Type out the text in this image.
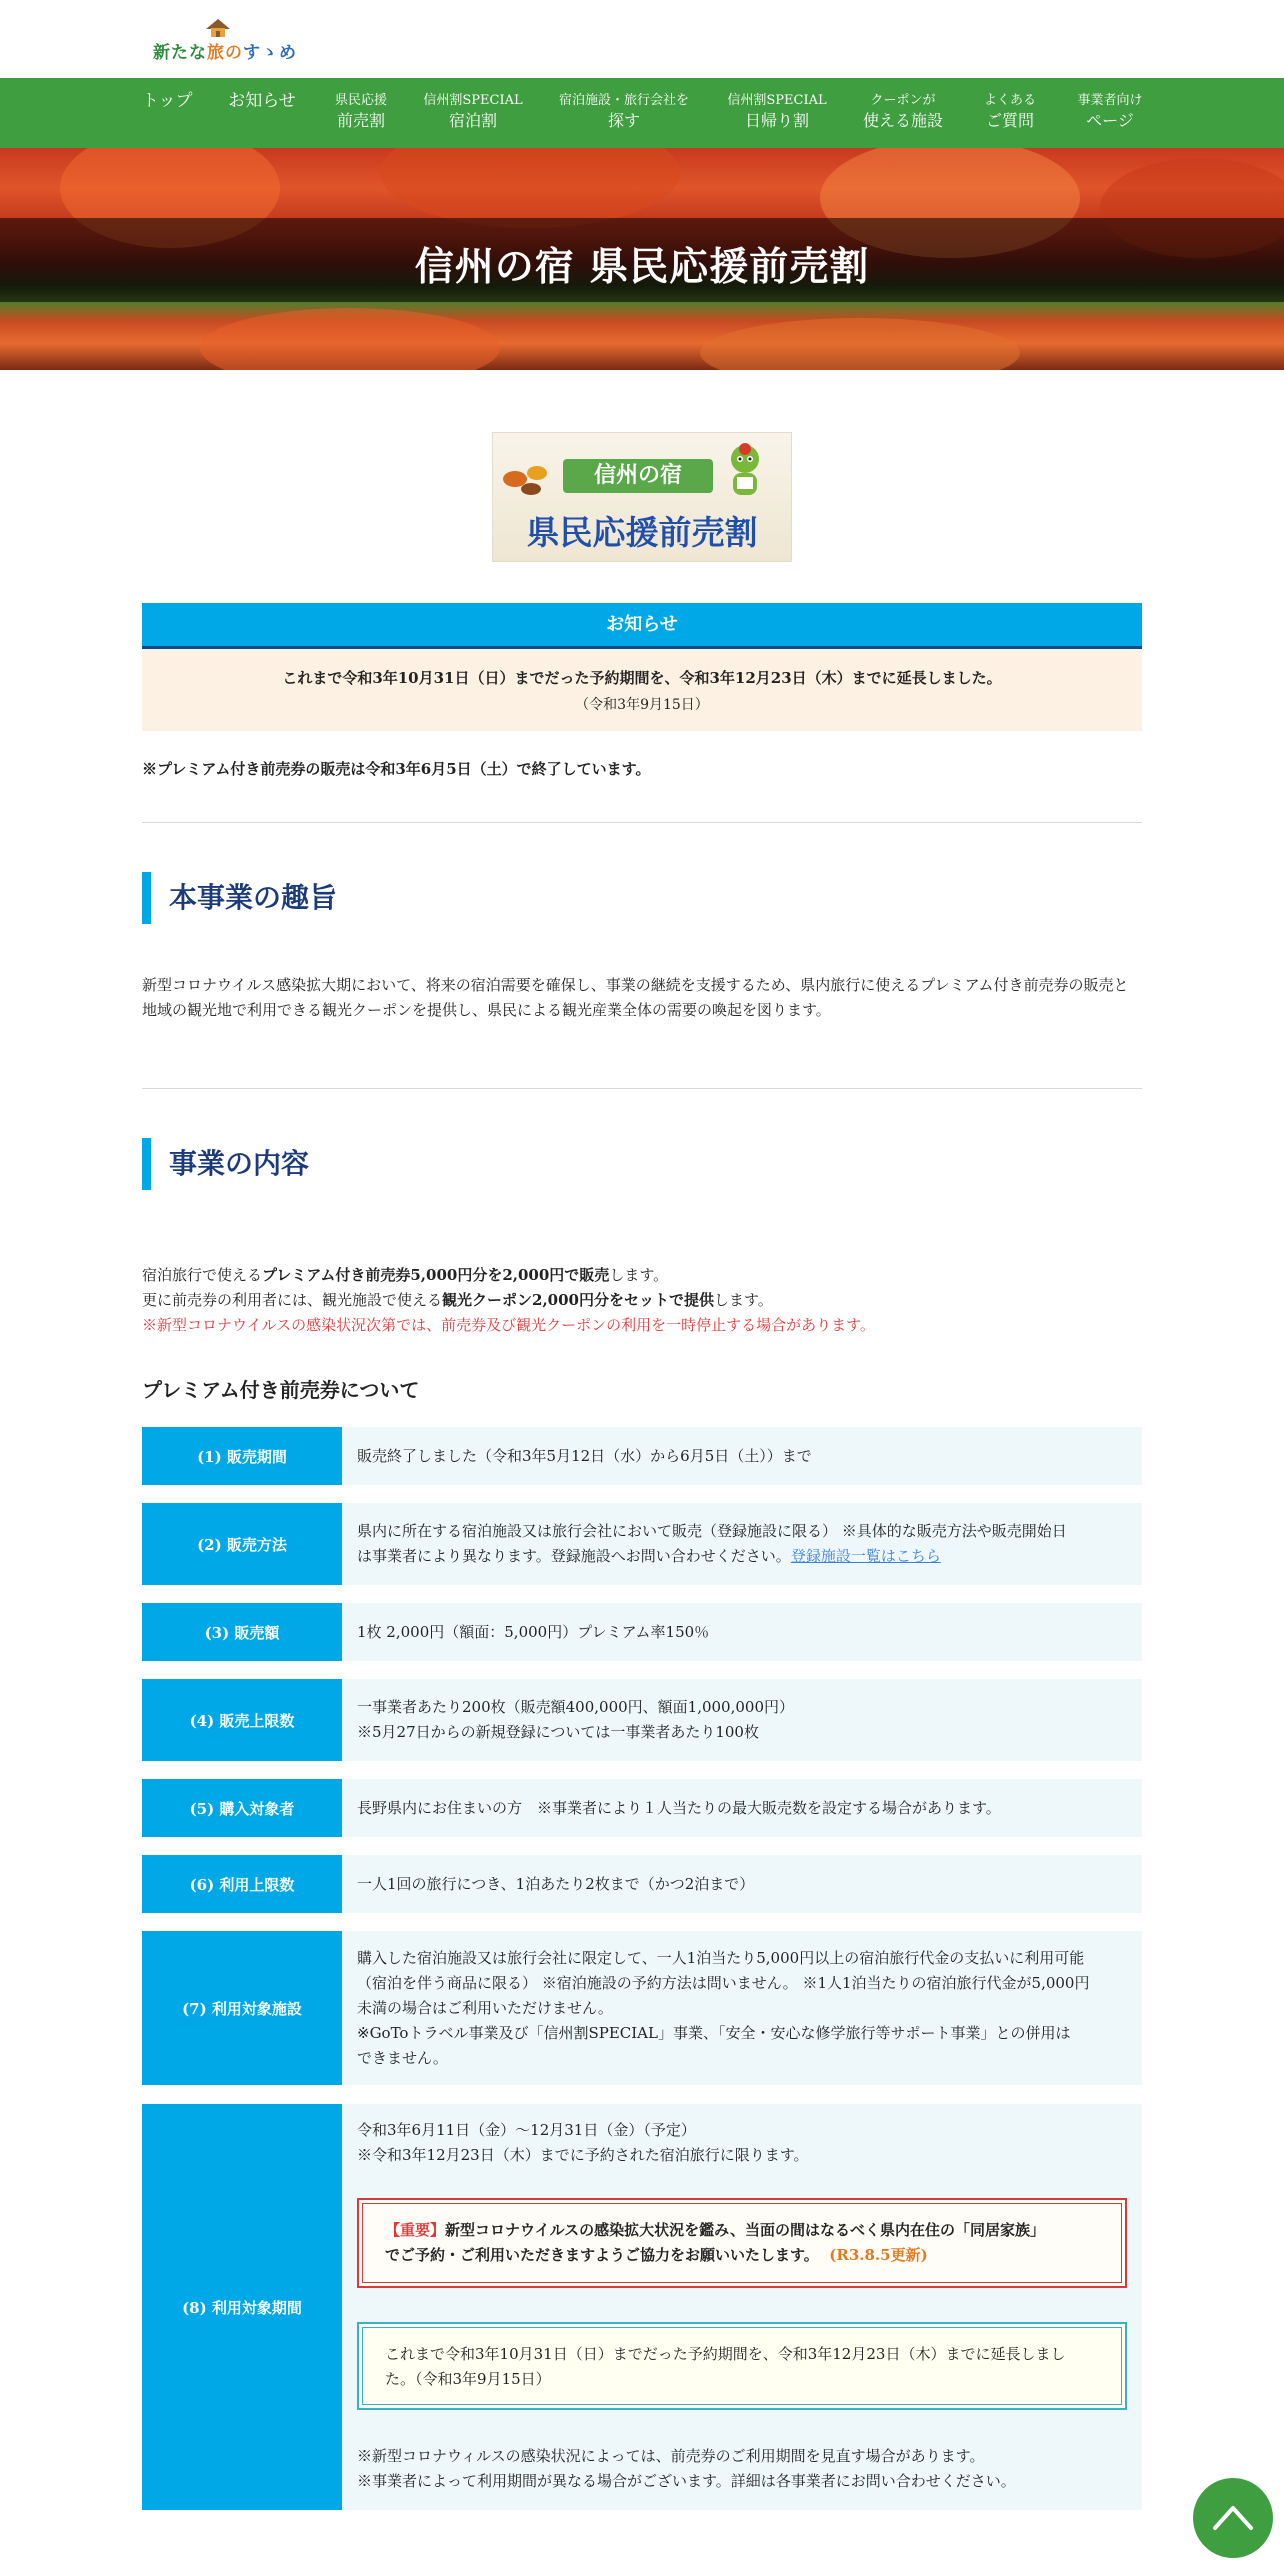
新たな旅のすゝめ
トップ お知らせ	県民応援
前売割
信州割SPECIAL
宿泊割
宿泊施設・旅行会社を
探す
信州割SPECIAL
日帰り割
クーポンが
使える施設
よくある
ご質問
事業者向け
ページ
信州の宿 県民応援前売割
信州の宿
県民応援前売割
お知らせ
これまで令和3年10月31日（日）までだった予約期間を、令和3年12月23日（木）までに延長しました。
（令和3年9月15日）
※プレミアム付き前売券の販売は令和3年6月5日（土）で終了しています。
本事業の趣旨
新型コロナウイルス感染拡大期において、将来の宿泊需要を確保し、事業の継続を支援するため、県内旅行に使えるプレミアム付き前売券の販売と地域の観光地で利用できる観光クーポンを提供し、県民による観光産業全体の需要の喚起を図ります。
事業の内容
宿泊旅行で使えるプレミアム付き前売券5,000円分を2,000円で販売します。
更に前売券の利用者には、観光施設で使える観光クーポン2,000円分をセットで提供します。
※新型コロナウイルスの感染状況次第では、前売券及び観光クーポンの利用を一時停止する場合があります。
プレミアム付き前売券について
(1) 販売期間	販売終了しました（令和3年5月12日（水）から6月5日（土））まで
(2) 販売方法
県内に所在する宿泊施設又は旅行会社において販売（登録施設に限る） ※具体的な販売方法や販売開始日
は事業者により異なります。登録施設へお問い合わせください。登録施設一覧はこちら
(3) 販売額	1枚 2,000円（額面：5,000円）プレミアム率150％
(4) 販売上限数
一事業者あたり200枚（販売額400,000円、額面1,000,000円）
※5月27日からの新規登録については一事業者あたり100枚
(5) 購入対象者	長野県内にお住まいの方　※事業者により１人当たりの最大販売数を設定する場合があります。
(6) 利用上限数	一人1回の旅行につき、1泊あたり2枚まで（かつ2泊まで）
(7) 利用対象施設
購入した宿泊施設又は旅行会社に限定して、一人1泊当たり5,000円以上の宿泊旅行代金の支払いに利用可能
（宿泊を伴う商品に限る） ※宿泊施設の予約方法は問いません。 ※1人1泊当たりの宿泊旅行代金が5,000円
未満の場合はご利用いただけません。
※GoToトラベル事業及び「信州割SPECIAL」事業、「安全・安心な修学旅行等サポート事業」との併用は
できません。
(8) 利用対象期間
令和3年6月11日（金）～12月31日（金）（予定）
※令和3年12月23日（木）までに予約された宿泊旅行に限ります。
【重要】新型コロナウイルスの感染拡大状況を鑑み、当面の間はなるべく県内在住の「同居家族」
でご予約・ご利用いただきますようご協力をお願いいたします。 (R3.8.5更新)
これまで令和3年10月31日（日）までだった予約期間を、令和3年12月23日（木）までに延長しまし
た。（令和3年9月15日）
※新型コロナウィルスの感染状況によっては、前売券のご利用期間を見直す場合があります。
※事業者によって利用期間が異なる場合がございます。詳細は各事業者にお問い合わせください。
